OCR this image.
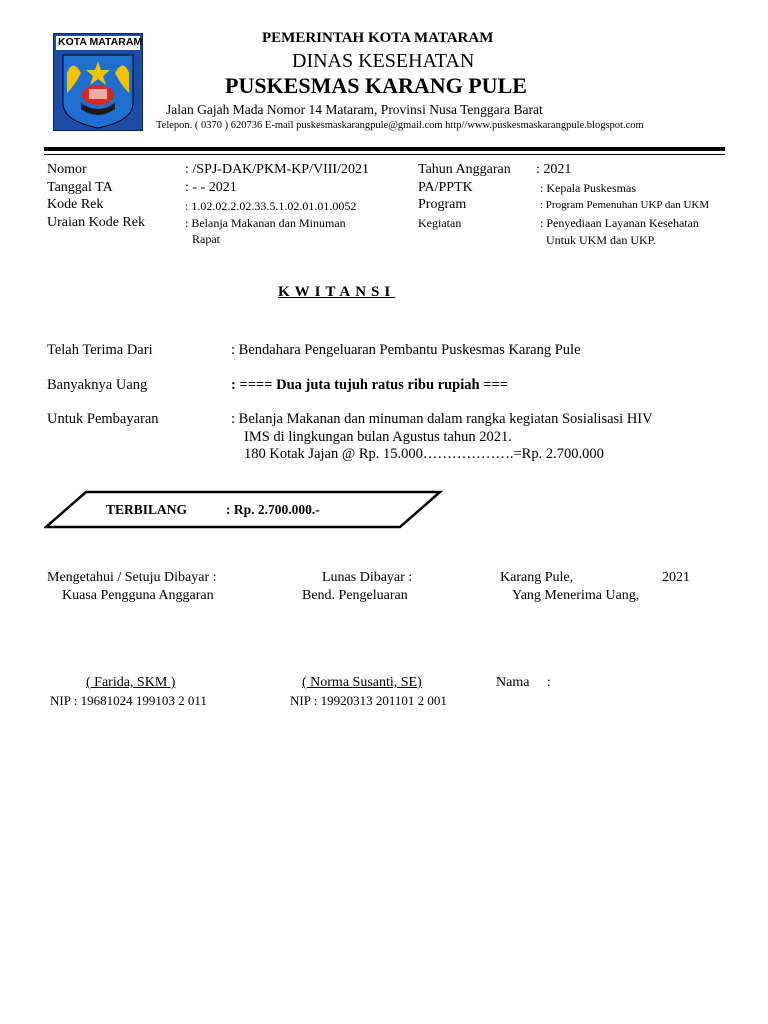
KOTA MATARAM	PEMERINTAH KOTA MATARAM
DINAS KESEHATAN
PUSKESMAS KARANG PULE
Jalan Gajah Mada Nomor 14 Mataram, Provinsi Nusa Tenggara Barat
Telepon. ( 0370 ) 620736 E-mail puskesmaskarangpule@gmail.com http//www.puskesmaskarangpule.blogspot.com
Nomor	: /SPJ-DAK/PKM-KP/VIII/2021
Tanggal TA	: - - 2021
Kode Rek	: 1.02.02.2.02.33.5.1.02.01.01.0052
Uraian Kode Rek	: Belanja Makanan dan Minuman
Rapat
Tahun Anggaran : 2021
PA/PPTK	: Kepala Puskesmas
Program	: Program Pemenuhan UKP dan UKM
Kegiatan	: Penyediaan Layanan Kesehatan
Untuk UKM dan UKP.
KWITANSI
Telah Terima Dari	: Bendahara Pengeluaran Pembantu Puskesmas Karang Pule
Banyaknya Uang	: ==== Dua juta tujuh ratus ribu rupiah ===
Untuk Pembayaran	: Belanja Makanan dan minuman dalam rangka kegiatan Sosialisasi HIV
IMS di lingkungan bulan Agustus tahun 2021.
180 Kotak Jajan @ Rp. 15.000……………….=Rp. 2.700.000
TERBILANG	: Rp. 2.700.000.-
Mengetahui / Setuju Dibayar :
Kuasa Pengguna Anggaran
( Farida, SKM )
NIP : 19681024 199103 2 011
Lunas Dibayar :
Bend. Pengeluaran
( Norma Susanti, SE)
NIP : 19920313 201101 2 001
Karang Pule,	2021
Yang Menerima Uang,
Nama     :
